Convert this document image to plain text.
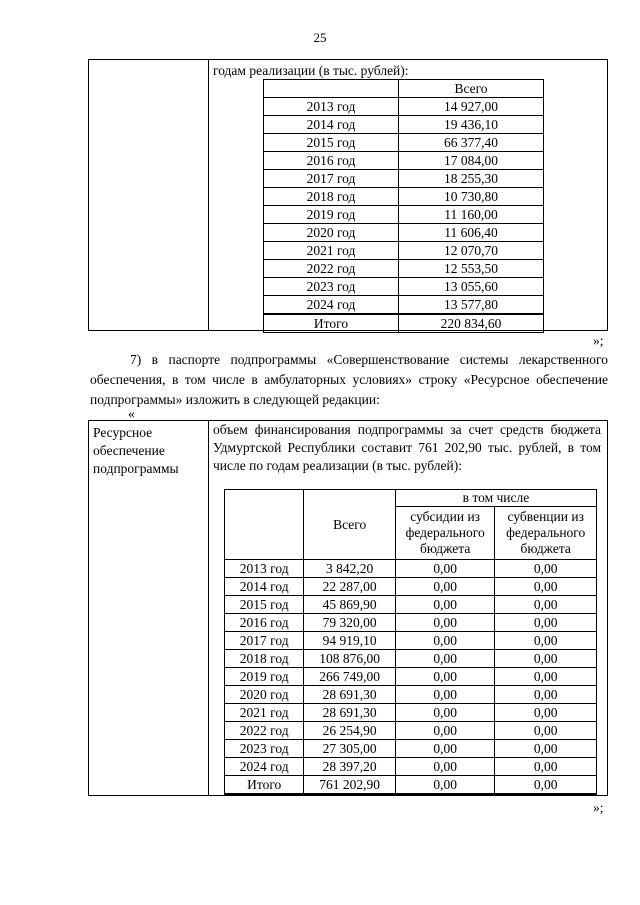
25
годам реализации (в тыс. рублей):
	Всего
2013 год	14 927,00
2014 год	19 436,10
2015 год	66 377,40
2016 год	17 084,00
2017 год	18 255,30
2018 год	10 730,80
2019 год	11 160,00
2020 год	11 606,40
2021 год	12 070,70
2022 год	12 553,50
2023 год	13 055,60
2024 год	13 577,80
Итого	220 834,60
»;
7) в паспорте подпрограммы «Совершенствование системы лекарственного обеспечения, в том числе в амбулаторных условиях» строку «Ресурсное обеспечение подпрограммы» изложить в следующей редакции:
«
Ресурсное обеспечение подпрограммы
объем финансирования подпрограммы за счет средств бюджета Удмуртской Республики составит 761 202,90 тыс. рублей, в том числе по годам реализации (в тыс. рублей):
	Всего	в том числе	
		субсидии из федерального бюджета	субвенции из федерального бюджета
2013 год	3 842,20	0,00	0,00
2014 год	22 287,00	0,00	0,00
2015 год	45 869,90	0,00	0,00
2016 год	79 320,00	0,00	0,00
2017 год	94 919,10	0,00	0,00
2018 год	108 876,00	0,00	0,00
2019 год	266 749,00	0,00	0,00
2020 год	28 691,30	0,00	0,00
2021 год	28 691,30	0,00	0,00
2022 год	26 254,90	0,00	0,00
2023 год	27 305,00	0,00	0,00
2024 год	28 397,20	0,00	0,00
Итого	761 202,90	0,00	0,00
»;
